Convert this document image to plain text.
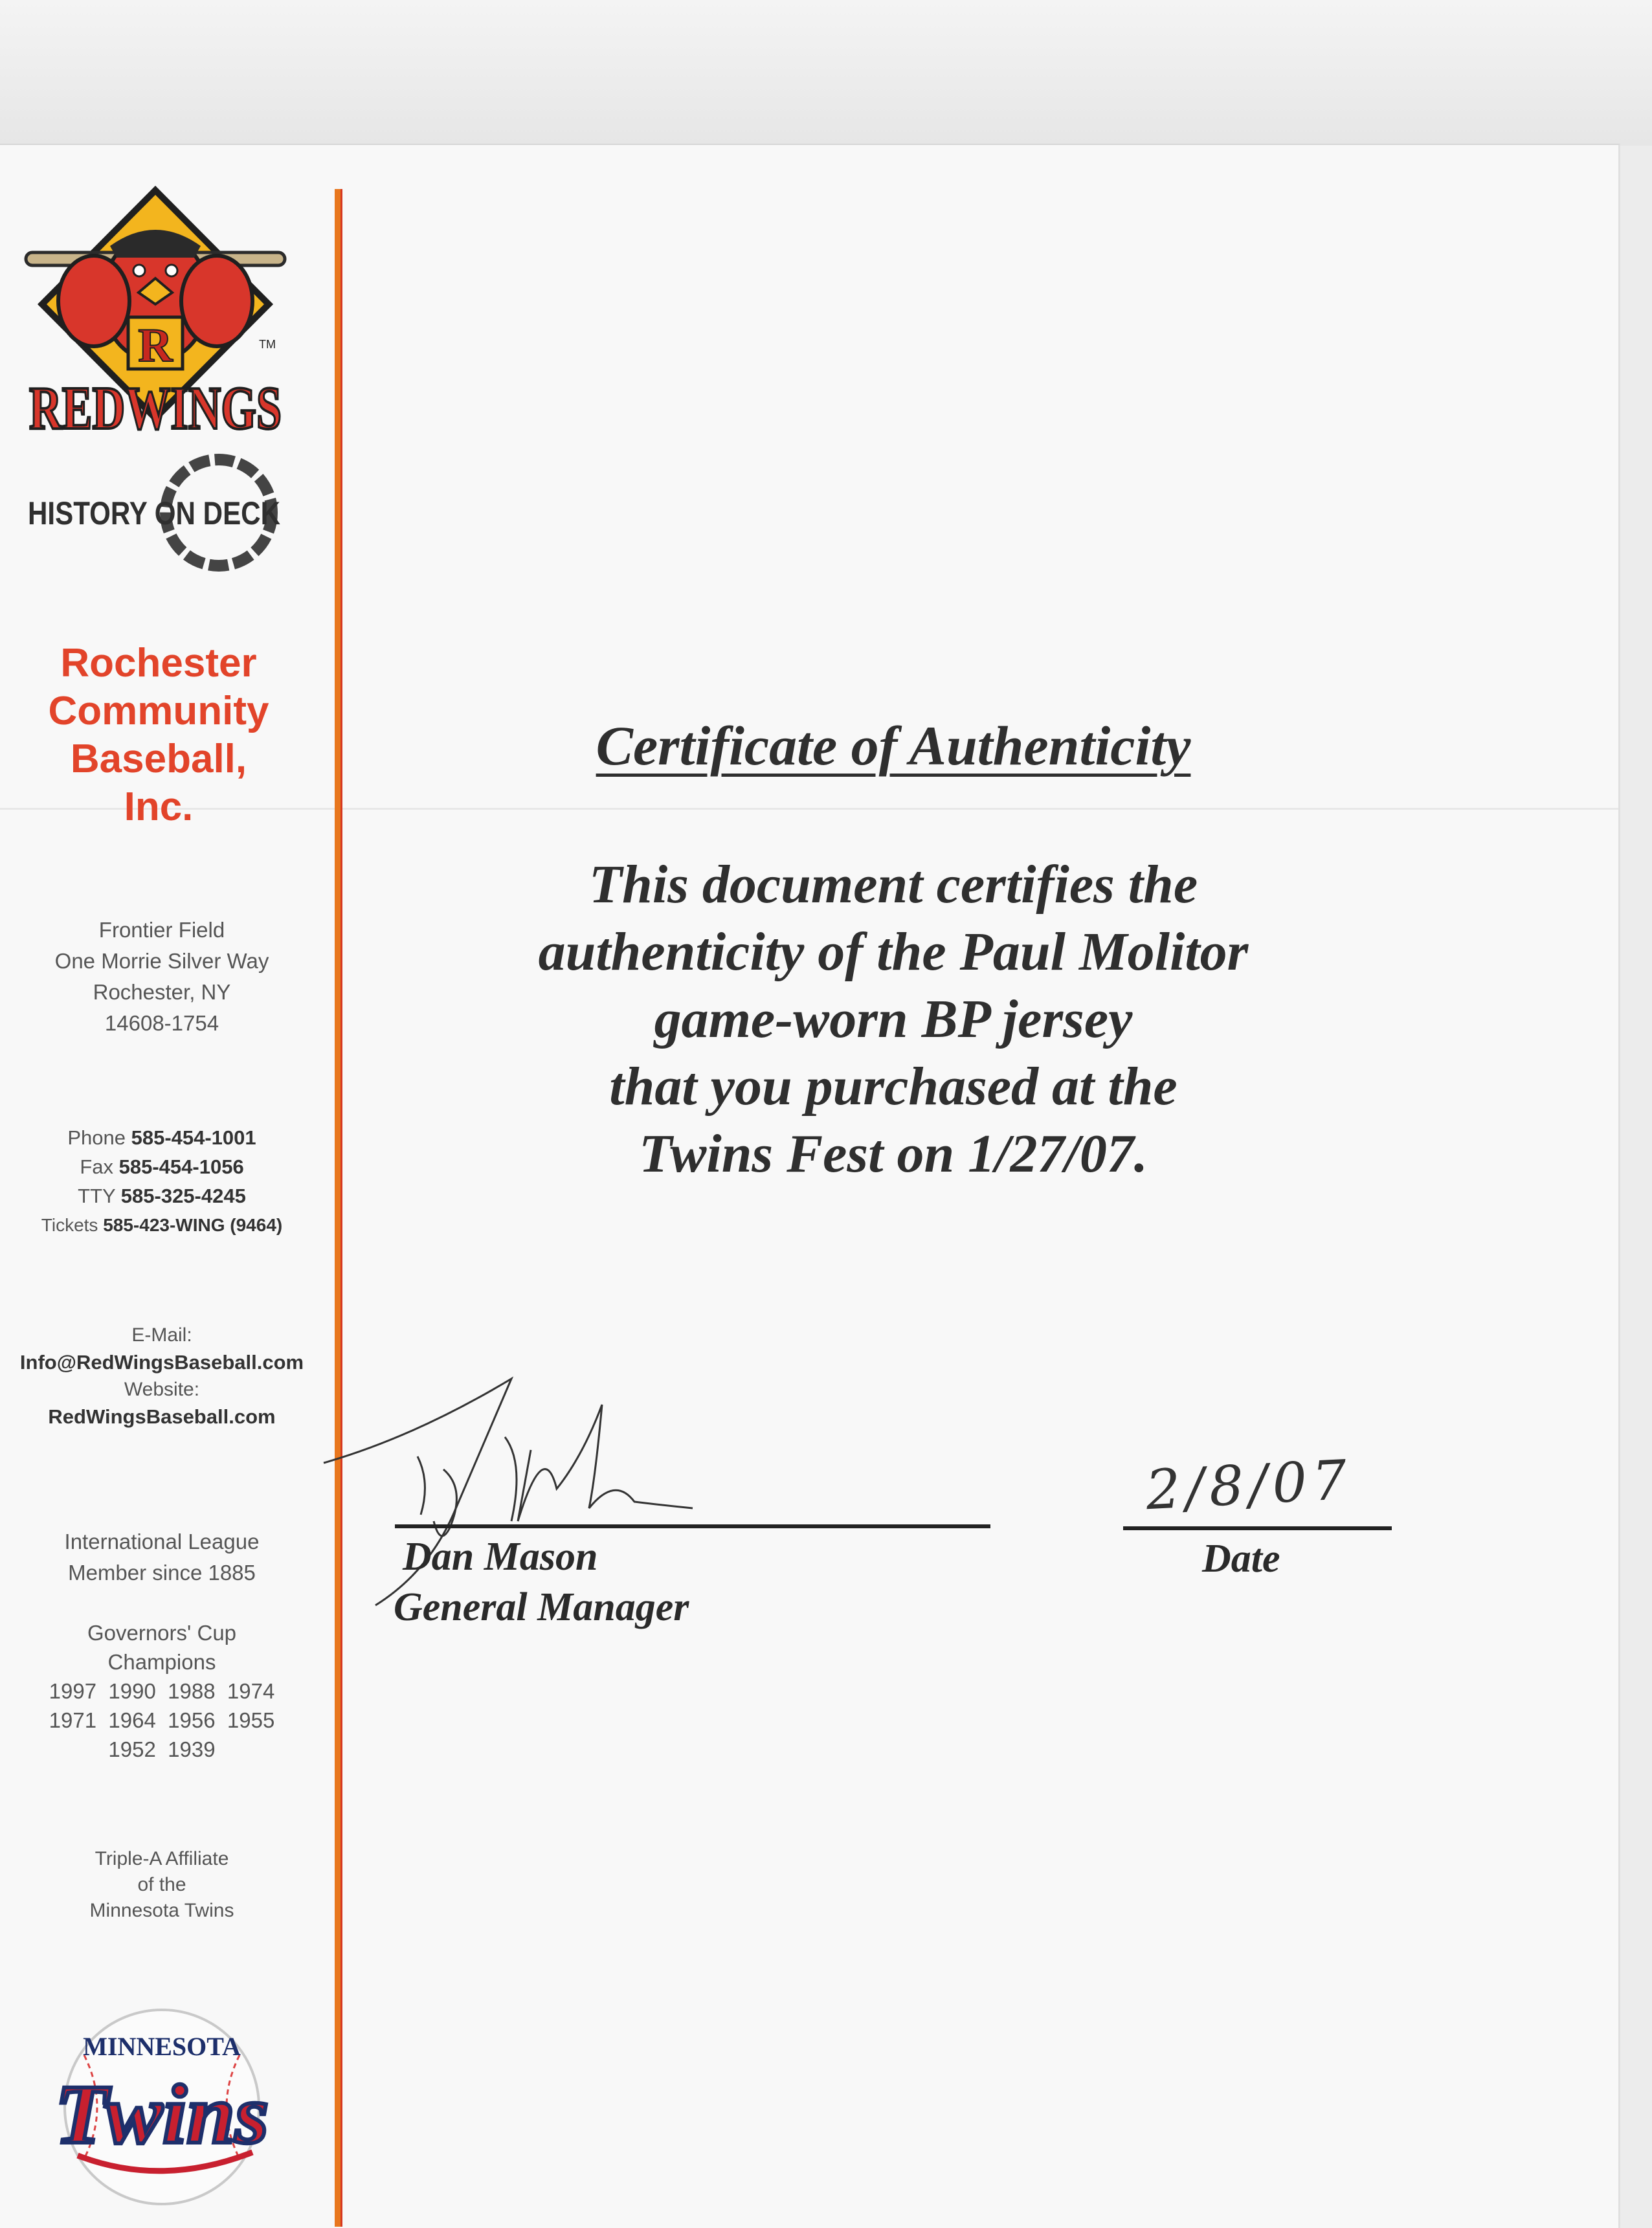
R
REDWINGS
TM
HISTORY ON DECK
Rochester
Community
Baseball,
Inc.
Frontier Field
One Morrie Silver Way
Rochester, NY
14608-1754
Phone 585-454-1001
Fax 585-454-1056
TTY 585-325-4245
Tickets 585-423-WING (9464)
E-Mail:
Info@RedWingsBaseball.com
Website:
RedWingsBaseball.com
International League
Member since 1885
Governors' Cup
Champions
1997  1990  1988  1974
1971  1964  1956  1955
1952  1939
Triple-A Affiliate
of the
Minnesota Twins
MINNESOTA
Twins
Certificate of Authenticity
This document certifies the
authenticity of the Paul Molitor
game-worn BP jersey
that you purchased at the
Twins Fest on 1/27/07.
Dan Mason
General Manager
2/8/07
Date
